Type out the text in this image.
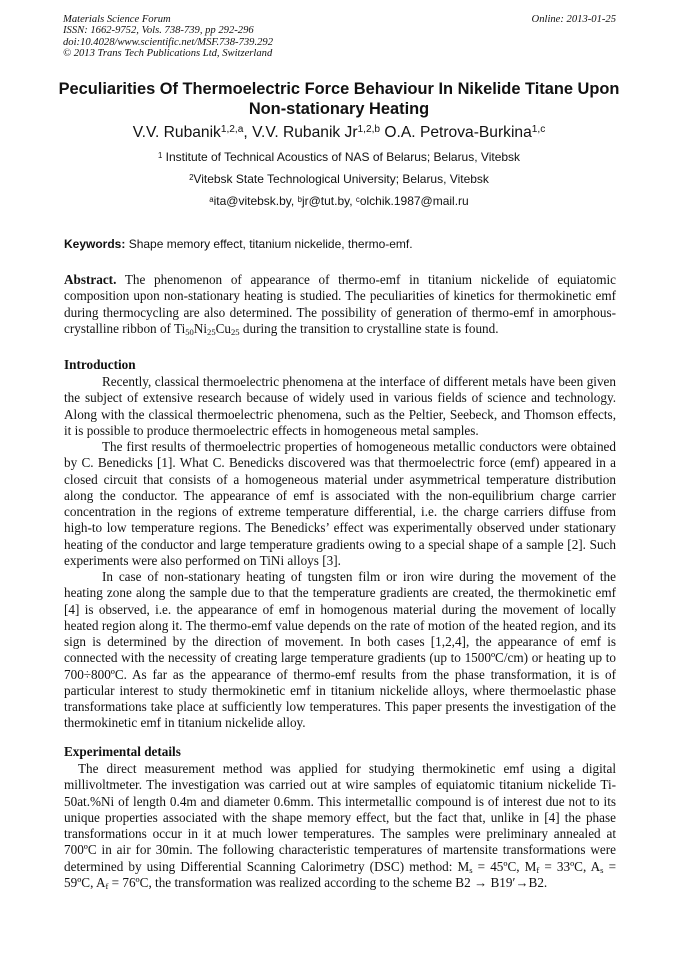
Materials Science Forum
ISSN: 1662-9752, Vols. 738-739, pp 292-296
doi:10.4028/www.scientific.net/MSF.738-739.292
© 2013 Trans Tech Publications Ltd, Switzerland
Online: 2013-01-25
Peculiarities Of Thermoelectric Force Behaviour In Nikelide Titane Upon
Non-stationary Heating
V.V. Rubanik$^{1,2,a}$, V.V. Rubanik Jr$^{1,2,b}$ O.A. Petrova-Burkina$^{1,c}$
$^1$ Institute of Technical Acoustics of NAS of Belarus; Belarus, Vitebsk
$^2$Vitebsk State Technological University; Belarus, Vitebsk
$^a$ita@vitebsk.by, $^b$jr@tut.by, $^c$olchik.1987@mail.ru
Keywords: Shape memory effect, titanium nickelide, thermo-emf.

Abstract. The phenomenon of appearance of thermo-emf in titanium nickelide of equiatomic composition upon non-stationary heating is studied. The peculiarities of kinetics for thermokinetic emf during thermocycling are also determined. The possibility of generation of thermo-emf in amorphous-crystalline ribbon of $Ti_{50}Ni_{25}Cu_{25}$ during the transition to crystalline state is found.

Introduction

Recently, classical thermoelectric phenomena at the interface of different metals have been given the subject of extensive research because of widely used in various fields of science and technology. Along with the classical thermoelectric phenomena, such as the Peltier, Seebeck, and Thomson effects, it is possible to produce thermoelectric effects in homogeneous metal samples.

The first results of thermoelectric properties of homogeneous metallic conductors were obtained by C. Benedicks [1]. What C. Benedicks discovered was that thermoelectric force (emf) appeared in a closed circuit that consists of a homogeneous material under asymmetrical temperature distribution along the conductor. The appearance of emf is associated with the non-equilibrium charge carrier concentration in the regions of extreme temperature differential, i.e. the charge carriers diffuse from high-to low temperature regions. The Benedicks’ effect was experimentally observed under stationary heating of the conductor and large temperature gradients owing to a special shape of a sample [2]. Such experiments were also performed on TiNi alloys [3].

In case of non-stationary heating of tungsten film or iron wire during the movement of the heating zone along the sample due to that the temperature gradients are created, the thermokinetic emf [4] is observed, i.e. the appearance of emf in homogenous material during the movement of locally heated region along it. The thermo-emf value depends on the rate of motion of the heated region, and its sign is determined by the direction of movement. In both cases [1,2,4], the appearance of emf is connected with the necessity of creating large temperature gradients (up to 1500ºC/cm) or heating up to 700÷800ºC. As far as the appearance of thermo-emf results from the phase transformation, it is of particular interest to study thermokinetic emf in titanium nickelide alloys, where thermoelastic phase transformations take place at sufficiently low temperatures. This paper presents the investigation of the thermokinetic emf in titanium nickelide alloy.

Experimental details

The direct measurement method was applied for studying thermokinetic emf using a digital millivoltmeter. The investigation was carried out at wire samples of equiatomic titanium nickelide Ti-50at.%Ni of length 0.4m and diameter 0.6mm. This intermetallic compound is of interest due not to its unique properties associated with the shape memory effect, but the fact that, unlike in [4] the phase transformations occur in it at much lower temperatures. The samples were preliminary annealed at 700ºC in air for 30min. The following characteristic temperatures of martensite transformations were determined by using Differential Scanning Calorimetry (DSC) method: $M_s$ = 45ºC, $M_f$ = 33ºC, $A_s$ = 59ºC, $A_f$ = 76ºC, the transformation was realized according to the scheme B2 → B19′→B2.
